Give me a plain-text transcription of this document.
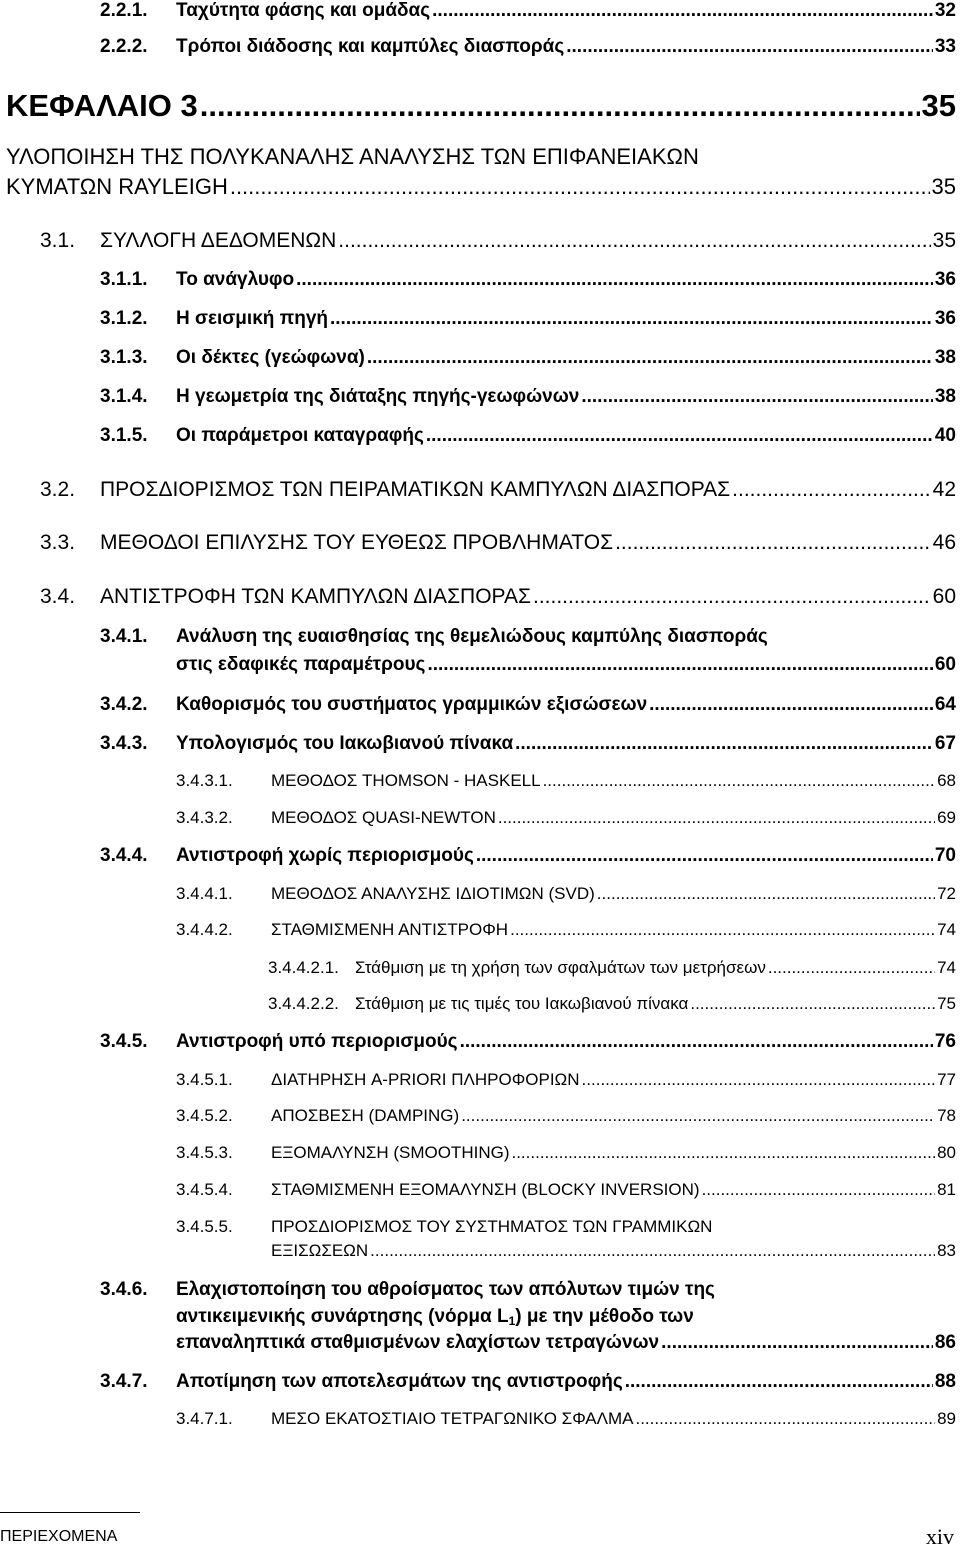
2.2.1.	Ταχύτητα φάσης και ομάδας .....	32
2.2.2.	Τρόποι διάδοσης και καμπύλες διασποράς .....	33
ΚΕΦΑΛΑΙΟ 3 .....	35
ΥΛΟΠΟΙΗΣΗ ΤΗΣ ΠΟΛΥΚΑΝΑΛΗΣ ΑΝΑΛΥΣΗΣ ΤΩΝ ΕΠΙΦΑΝΕΙΑΚΩΝ
ΚΥΜΑΤΩΝ RAYLEIGH .....	35
3.1.	ΣΥΛΛΟΓΗ ΔΕΔΟΜΕΝΩΝ .....	35
3.1.1.	Το ανάγλυφο .....	36
3.1.2.	Η σεισμική πηγή .....	36
3.1.3.	Οι δέκτες (γεώφωνα) .....	38
3.1.4.	Η γεωμετρία της διάταξης πηγής-γεωφώνων .....	38
3.1.5.	Οι παράμετροι καταγραφής .....	40
3.2.	ΠΡΟΣΔΙΟΡΙΣΜΟΣ ΤΩΝ ΠΕΙΡΑΜΑΤΙΚΩΝ ΚΑΜΠΥΛΩΝ ΔΙΑΣΠΟΡΑΣ .....	42
3.3.	ΜΕΘΟΔΟΙ ΕΠΙΛΥΣΗΣ ΤΟΥ ΕΥΘΕΩΣ ΠΡΟΒΛΗΜΑΤΟΣ .....	46
3.4.	ΑΝΤΙΣΤΡΟΦΗ ΤΩΝ ΚΑΜΠΥΛΩΝ ΔΙΑΣΠΟΡΑΣ .....	60
3.4.1. Ανάλυση της ευαισθησίας της θεμελιώδους καμπύλης διασποράς
στις εδαφικές παραμέτρους .....	60
3.4.2.	Καθορισμός του συστήματος γραμμικών εξισώσεων .....	64
3.4.3.	Υπολογισμός του Ιακωβιανού πίνακα .....	67
3.4.3.1.	ΜΕΘΟΔΟΣ THOMSON - HASKELL .....	68
3.4.3.2.	ΜΕΘΟΔΟΣ QUASI-NEWTON .....	69
3.4.4.	Αντιστροφή χωρίς περιορισμούς .....	70
3.4.4.1.	ΜΕΘΟΔΟΣ ΑΝΑΛΥΣΗΣ ΙΔΙΟΤΙΜΩΝ (SVD) .....	72
3.4.4.2.	ΣΤΑΘΜΙΣΜΕΝΗ ΑΝΤΙΣΤΡΟΦΗ .....	74
3.4.4.2.1. Στάθμιση με τη χρήση των σφαλμάτων των μετρήσεων .....	74
3.4.4.2.2. Στάθμιση με τις τιμές του Ιακωβιανού πίνακα .....	75
3.4.5.	Αντιστροφή υπό περιορισμούς .....	76
3.4.5.1.	ΔΙΑΤΗΡΗΣΗ A-PRIORI ΠΛΗΡΟΦΟΡΙΩΝ .....	77
3.4.5.2.	ΑΠΟΣΒΕΣΗ (DAMPING) .....	78
3.4.5.3.	ΕΞΟΜΑΛΥΝΣΗ (SMOOTHING) .....	80
3.4.5.4.	ΣΤΑΘΜΙΣΜΕΝΗ ΕΞΟΜΑΛΥΝΣΗ (BLOCKY INVERSION) .....	81
3.4.5.5. ΠΡΟΣΔΙΟΡΙΣΜΟΣ ΤΟΥ ΣΥΣΤΗΜΑΤΟΣ ΤΩΝ ΓΡΑΜΜΙΚΩΝ
ΕΞΙΣΩΣΕΩΝ .....	83
3.4.6. Ελαχιστοποίηση του αθροίσματος των απόλυτων τιμών της
αντικειμενικής συνάρτησης (νόρμα $L_1$) με την μέθοδο των
επαναληπτικά σταθμισμένων ελαχίστων τετραγώνων .....	86
3.4.7.	Αποτίμηση των αποτελεσμάτων της αντιστροφής .....	88
3.4.7.1.	ΜΕΣΟ ΕΚΑΤΟΣΤΙΑΙΟ ΤΕΤΡΑΓΩΝΙΚΟ ΣΦΑΛΜΑ .....	89
ΠΕΡΙΕΧΟΜΕΝΑ	xiv
